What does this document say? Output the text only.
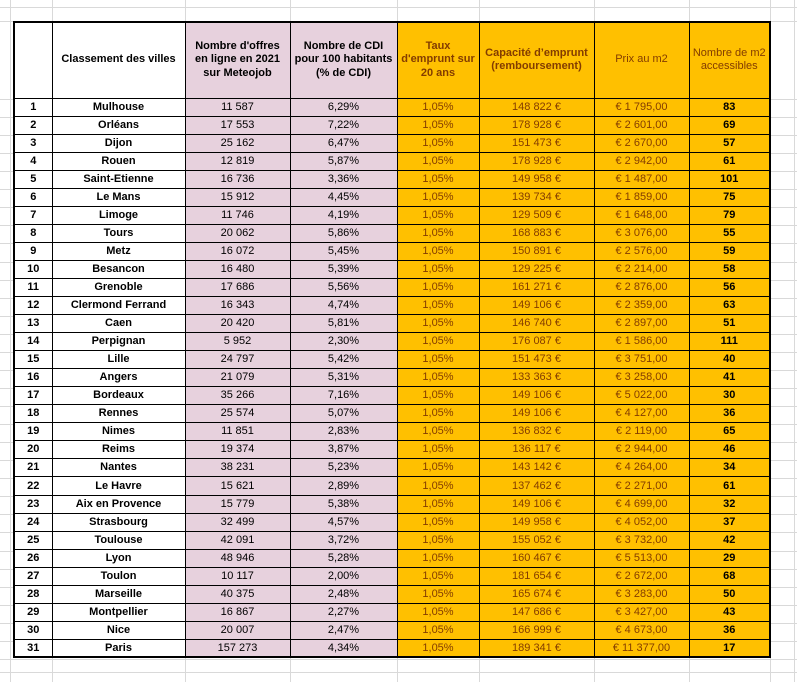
	Classement des villes	Nombre d'offres en ligne en 2021 sur Meteojob	Nombre de CDI pour 100 habitants (% de CDI)	Taux d'emprunt sur 20 ans	Capacité d’emprunt (remboursement)	Prix au m2	Nombre de m2 accessibles
1	Mulhouse	11 587	6,29%	1,05%	148 822 €	€ 1 795,00	83
2	Orléans	17 553	7,22%	1,05%	178 928 €	€ 2 601,00	69
3	Dijon	25 162	6,47%	1,05%	151 473 €	€ 2 670,00	57
4	Rouen	12 819	5,87%	1,05%	178 928 €	€ 2 942,00	61
5	Saint-Etienne	16 736	3,36%	1,05%	149 958 €	€ 1 487,00	101
6	Le Mans	15 912	4,45%	1,05%	139 734 €	€ 1 859,00	75
7	Limoge	11 746	4,19%	1,05%	129 509 €	€ 1 648,00	79
8	Tours	20 062	5,86%	1,05%	168 883 €	€ 3 076,00	55
9	Metz	16 072	5,45%	1,05%	150 891 €	€ 2 576,00	59
10	Besancon	16 480	5,39%	1,05%	129 225 €	€ 2 214,00	58
11	Grenoble	17 686	5,56%	1,05%	161 271 €	€ 2 876,00	56
12	Clermond Ferrand	16 343	4,74%	1,05%	149 106 €	€ 2 359,00	63
13	Caen	20 420	5,81%	1,05%	146 740 €	€ 2 897,00	51
14	Perpignan	5 952	2,30%	1,05%	176 087 €	€ 1 586,00	111
15	Lille	24 797	5,42%	1,05%	151 473 €	€ 3 751,00	40
16	Angers	21 079	5,31%	1,05%	133 363 €	€ 3 258,00	41
17	Bordeaux	35 266	7,16%	1,05%	149 106 €	€ 5 022,00	30
18	Rennes	25 574	5,07%	1,05%	149 106 €	€ 4 127,00	36
19	Nimes	11 851	2,83%	1,05%	136 832 €	€ 2 119,00	65
20	Reims	19 374	3,87%	1,05%	136 117 €	€ 2 944,00	46
21	Nantes	38 231	5,23%	1,05%	143 142 €	€ 4 264,00	34
22	Le Havre	15 621	2,89%	1,05%	137 462 €	€ 2 271,00	61
23	Aix en Provence	15 779	5,38%	1,05%	149 106 €	€ 4 699,00	32
24	Strasbourg	32 499	4,57%	1,05%	149 958 €	€ 4 052,00	37
25	Toulouse	42 091	3,72%	1,05%	155 052 €	€ 3 732,00	42
26	Lyon	48 946	5,28%	1,05%	160 467 €	€ 5 513,00	29
27	Toulon	10 117	2,00%	1,05%	181 654 €	€ 2 672,00	68
28	Marseille	40 375	2,48%	1,05%	165 674 €	€ 3 283,00	50
29	Montpellier	16 867	2,27%	1,05%	147 686 €	€ 3 427,00	43
30	Nice	20 007	2,47%	1,05%	166 999 €	€ 4 673,00	36
31	Paris	157 273	4,34%	1,05%	189 341 €	€ 11 377,00	17
